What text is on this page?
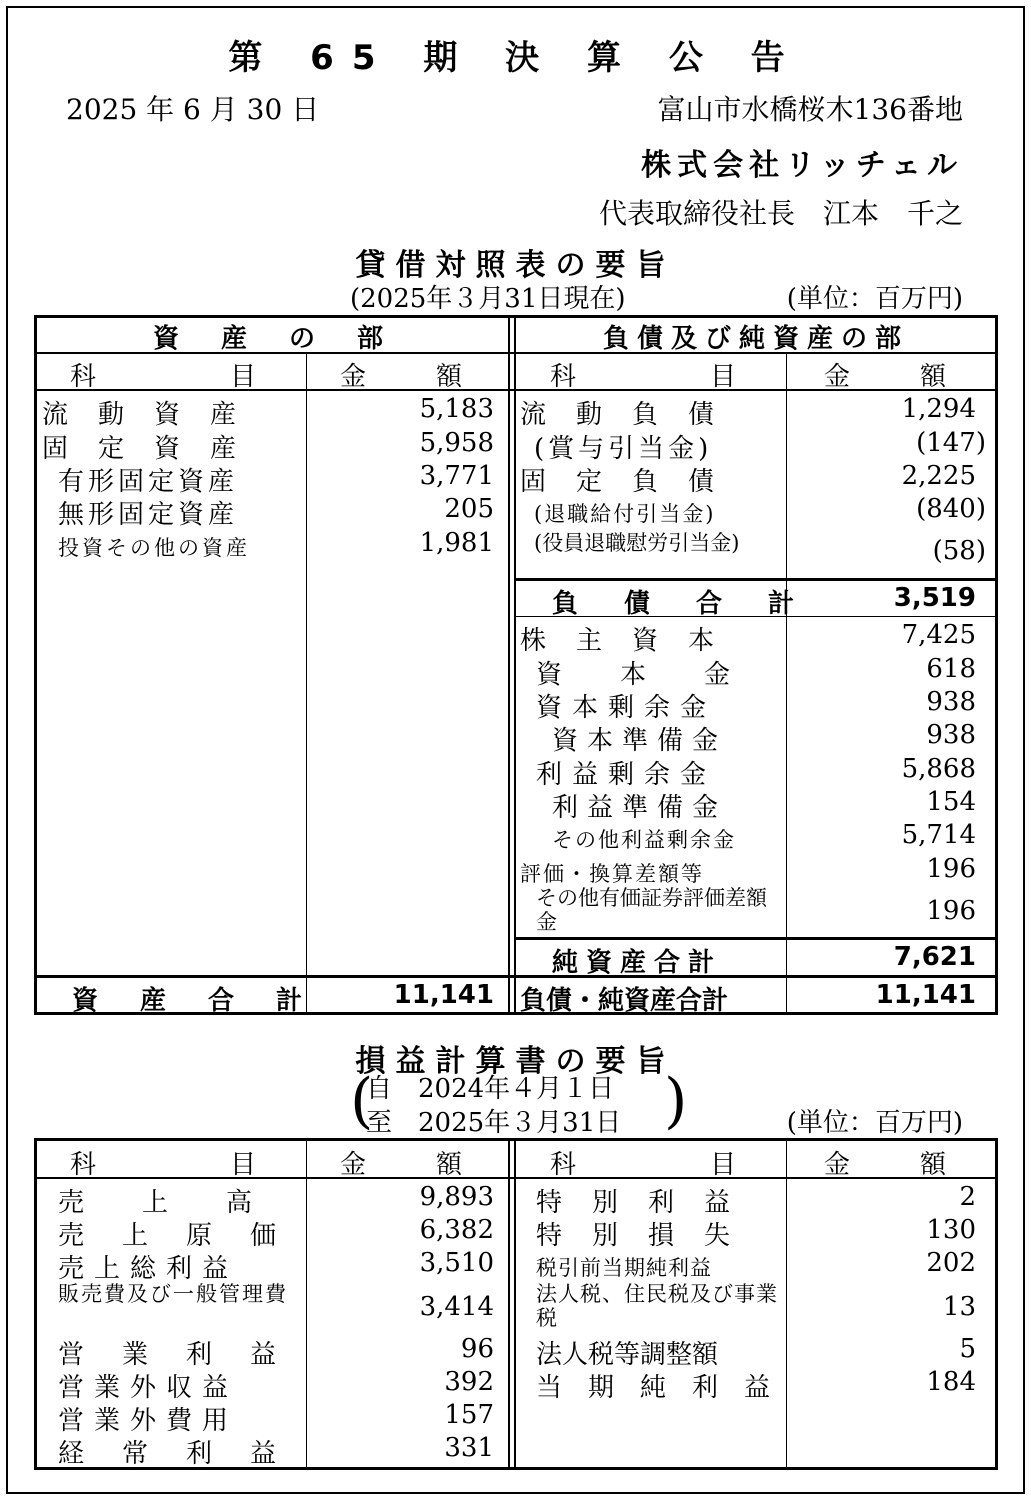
第 65 期 決 算 公 告
2025 年 6 月 30 日	富山市水橋桜木136番地
株式会社リッチェル
代表取締役社長　江本　千之
貸借対照表の要旨
(2025年３月31日現在)	(単位：百万円)
資　産　の　部	負債及び純資産の部
科　　　　目	金　　額	科　　　　目	金　　額
流　動　資　産	5,183
固　定　資　産	5,958
有形固定資産	3,771
無形固定資産	205
投資その他の資産	1,981
資　産　合　計	11,141
流　動　負　債	1,294
(賞与引当金)	(147)
固　定　負　債	2,225
(退職給付引当金)	(840)
(役員退職慰労引当金)	(58)
負　債　合　計	3,519
株　主　資　本	7,425
資　　本　　金	618
資本剰余金	938
資本準備金	938
利益剰余金	5,868
利益準備金	154
その他利益剰余金	5,714
評価・換算差額等	196
その他有価証券評価差額金	196
純資産合計	7,621
負債・純資産合計	11,141
損益計算書の要旨
自　2024年４月１日
至　2025年３月31日
(	)	(単位：百万円)
科　　　　目	金　　額	科　　　　目	金　　額
売　　上　　高	9,893
売　上　原　価	6,382
売上総利益	3,510
販売費及び一般管理費	3,414
営　業　利　益	96
営業外収益	392
営業外費用	157
経　常　利　益	331
特　別　利　益	2
特　別　損　失	130
税引前当期純利益	202
法人税、住民税及び事業税	13
法人税等調整額	5
当　期　純　利　益	184
